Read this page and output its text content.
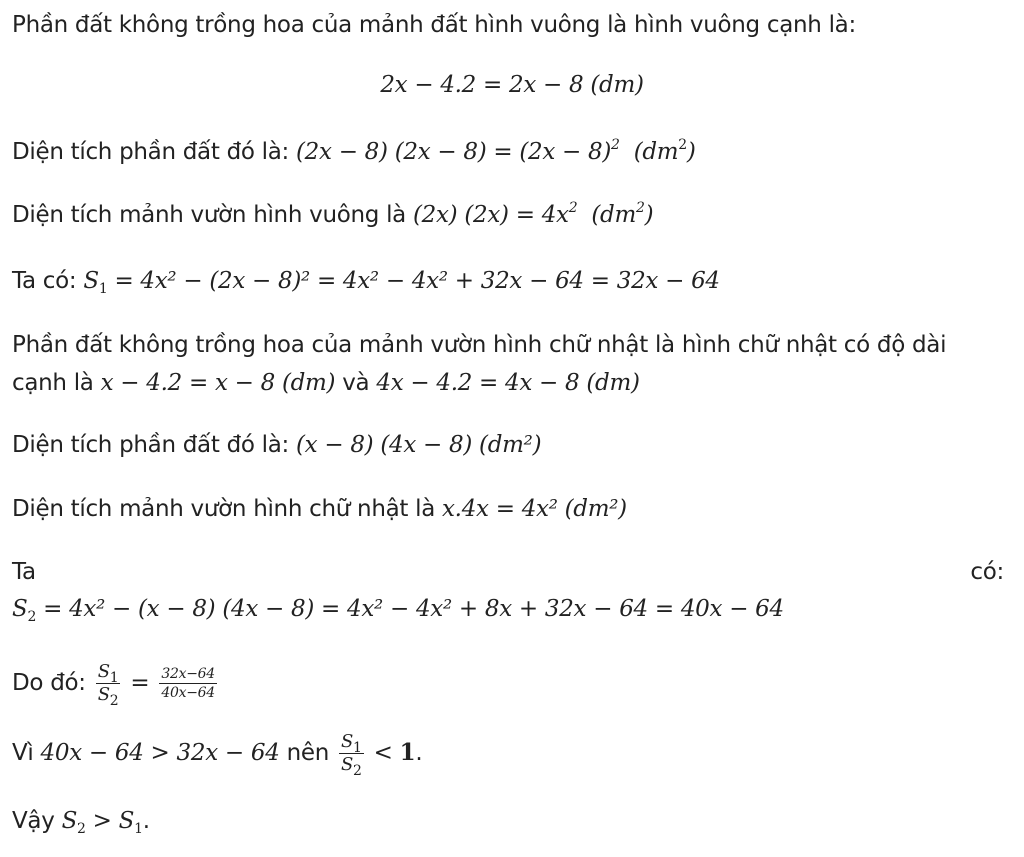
Phần đất không trồng hoa của mảnh đất hình vuông là hình vuông cạnh là:
2x − 4.2 = 2x − 8 (dm)
Diện tích phần đất đó là: (2x − 8) $(2x - 8) = (2x - 8)^2$ $(dm^2)$
Diện tích mảnh vườn hình vuông là (2x) $(2x) = 4x^2$ $(dm^2)$
Ta có: $S_1 = 4x^2 - (2x - 8)^2 = 4x^2 - 4x^2 + 32x - 64 = 32x - 64$
Phần đất không trồng hoa của mảnh vườn hình chữ nhật là hình chữ nhật có độ dài
cạnh là x − 4.2 = x − 8 (dm) và 4x − 4.2 = 4x − 8 (dm)
Diện tích phần đất đó là: (x − 8) (4x − 8) (dm²)
Diện tích mảnh vườn hình chữ nhật là x.4x = 4x² (dm²)
Ta	có:
$S_2 = 4x^2 - (x - 8) (4x - 8) = 4x^2 - 4x^2 + 8x + 32x - 64 = 40x - 64$
Do đó: $\frac{S_1}{S_2} = \frac{32x-64}{40x-64}$
Vì 40x − 64 > 32x − 64 nên $\frac{S_1}{S_2} < 1$.
Vậy $S_2 > S_1$.
